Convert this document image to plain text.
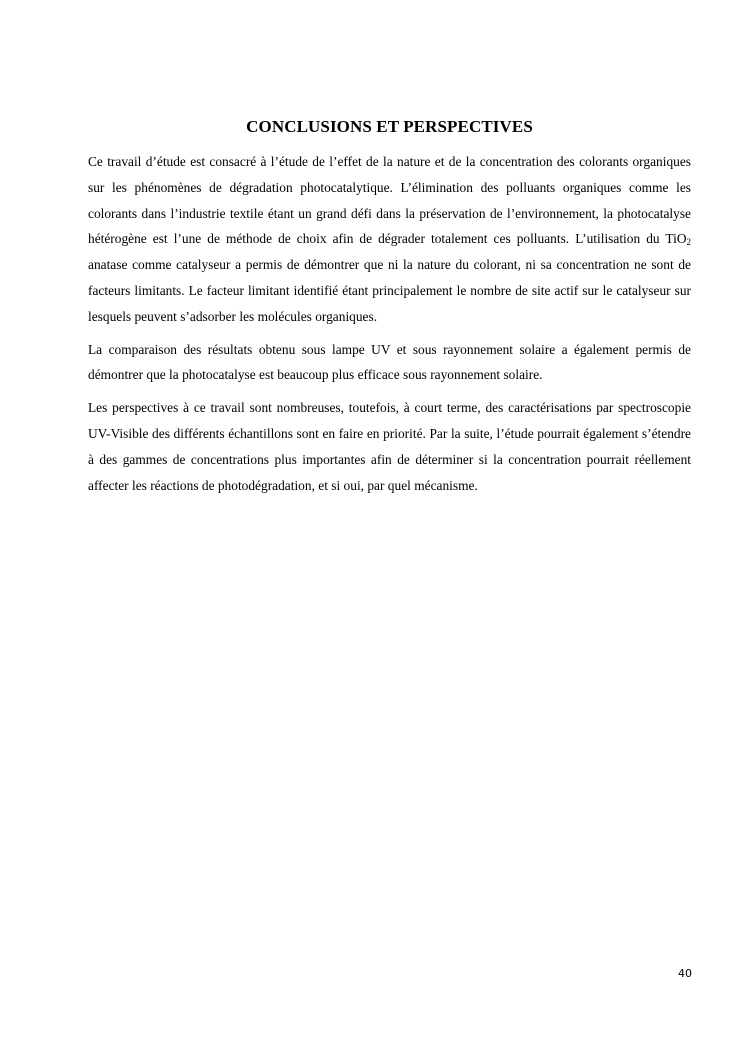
CONCLUSIONS ET PERSPECTIVES

Ce travail d’étude est consacré à l’étude de l’effet de la nature et de la concentration des colorants organiques sur les phénomènes de dégradation photocatalytique. L’élimination des polluants organiques comme les colorants dans l’industrie textile étant un grand défi dans la préservation de l’environnement, la photocatalyse hétérogène est l’une de méthode de choix afin de dégrader totalement ces polluants. L’utilisation du TiO$_2$ anatase comme catalyseur a permis de démontrer que ni la nature du colorant, ni sa concentration ne sont de facteurs limitants. Le facteur limitant identifié étant principalement le nombre de site actif sur le catalyseur sur lesquels peuvent s’adsorber les molécules organiques.

La comparaison des résultats obtenu sous lampe UV et sous rayonnement solaire a également permis de démontrer que la photocatalyse est beaucoup plus efficace sous rayonnement solaire.

Les perspectives à ce travail sont nombreuses, toutefois, à court terme, des caractérisations par spectroscopie UV-Visible des différents échantillons sont en faire en priorité. Par la suite, l’étude pourrait également s’étendre à des gammes de concentrations plus importantes afin de déterminer si la concentration pourrait réellement affecter les réactions de photodégradation, et si oui, par quel mécanisme.

40
